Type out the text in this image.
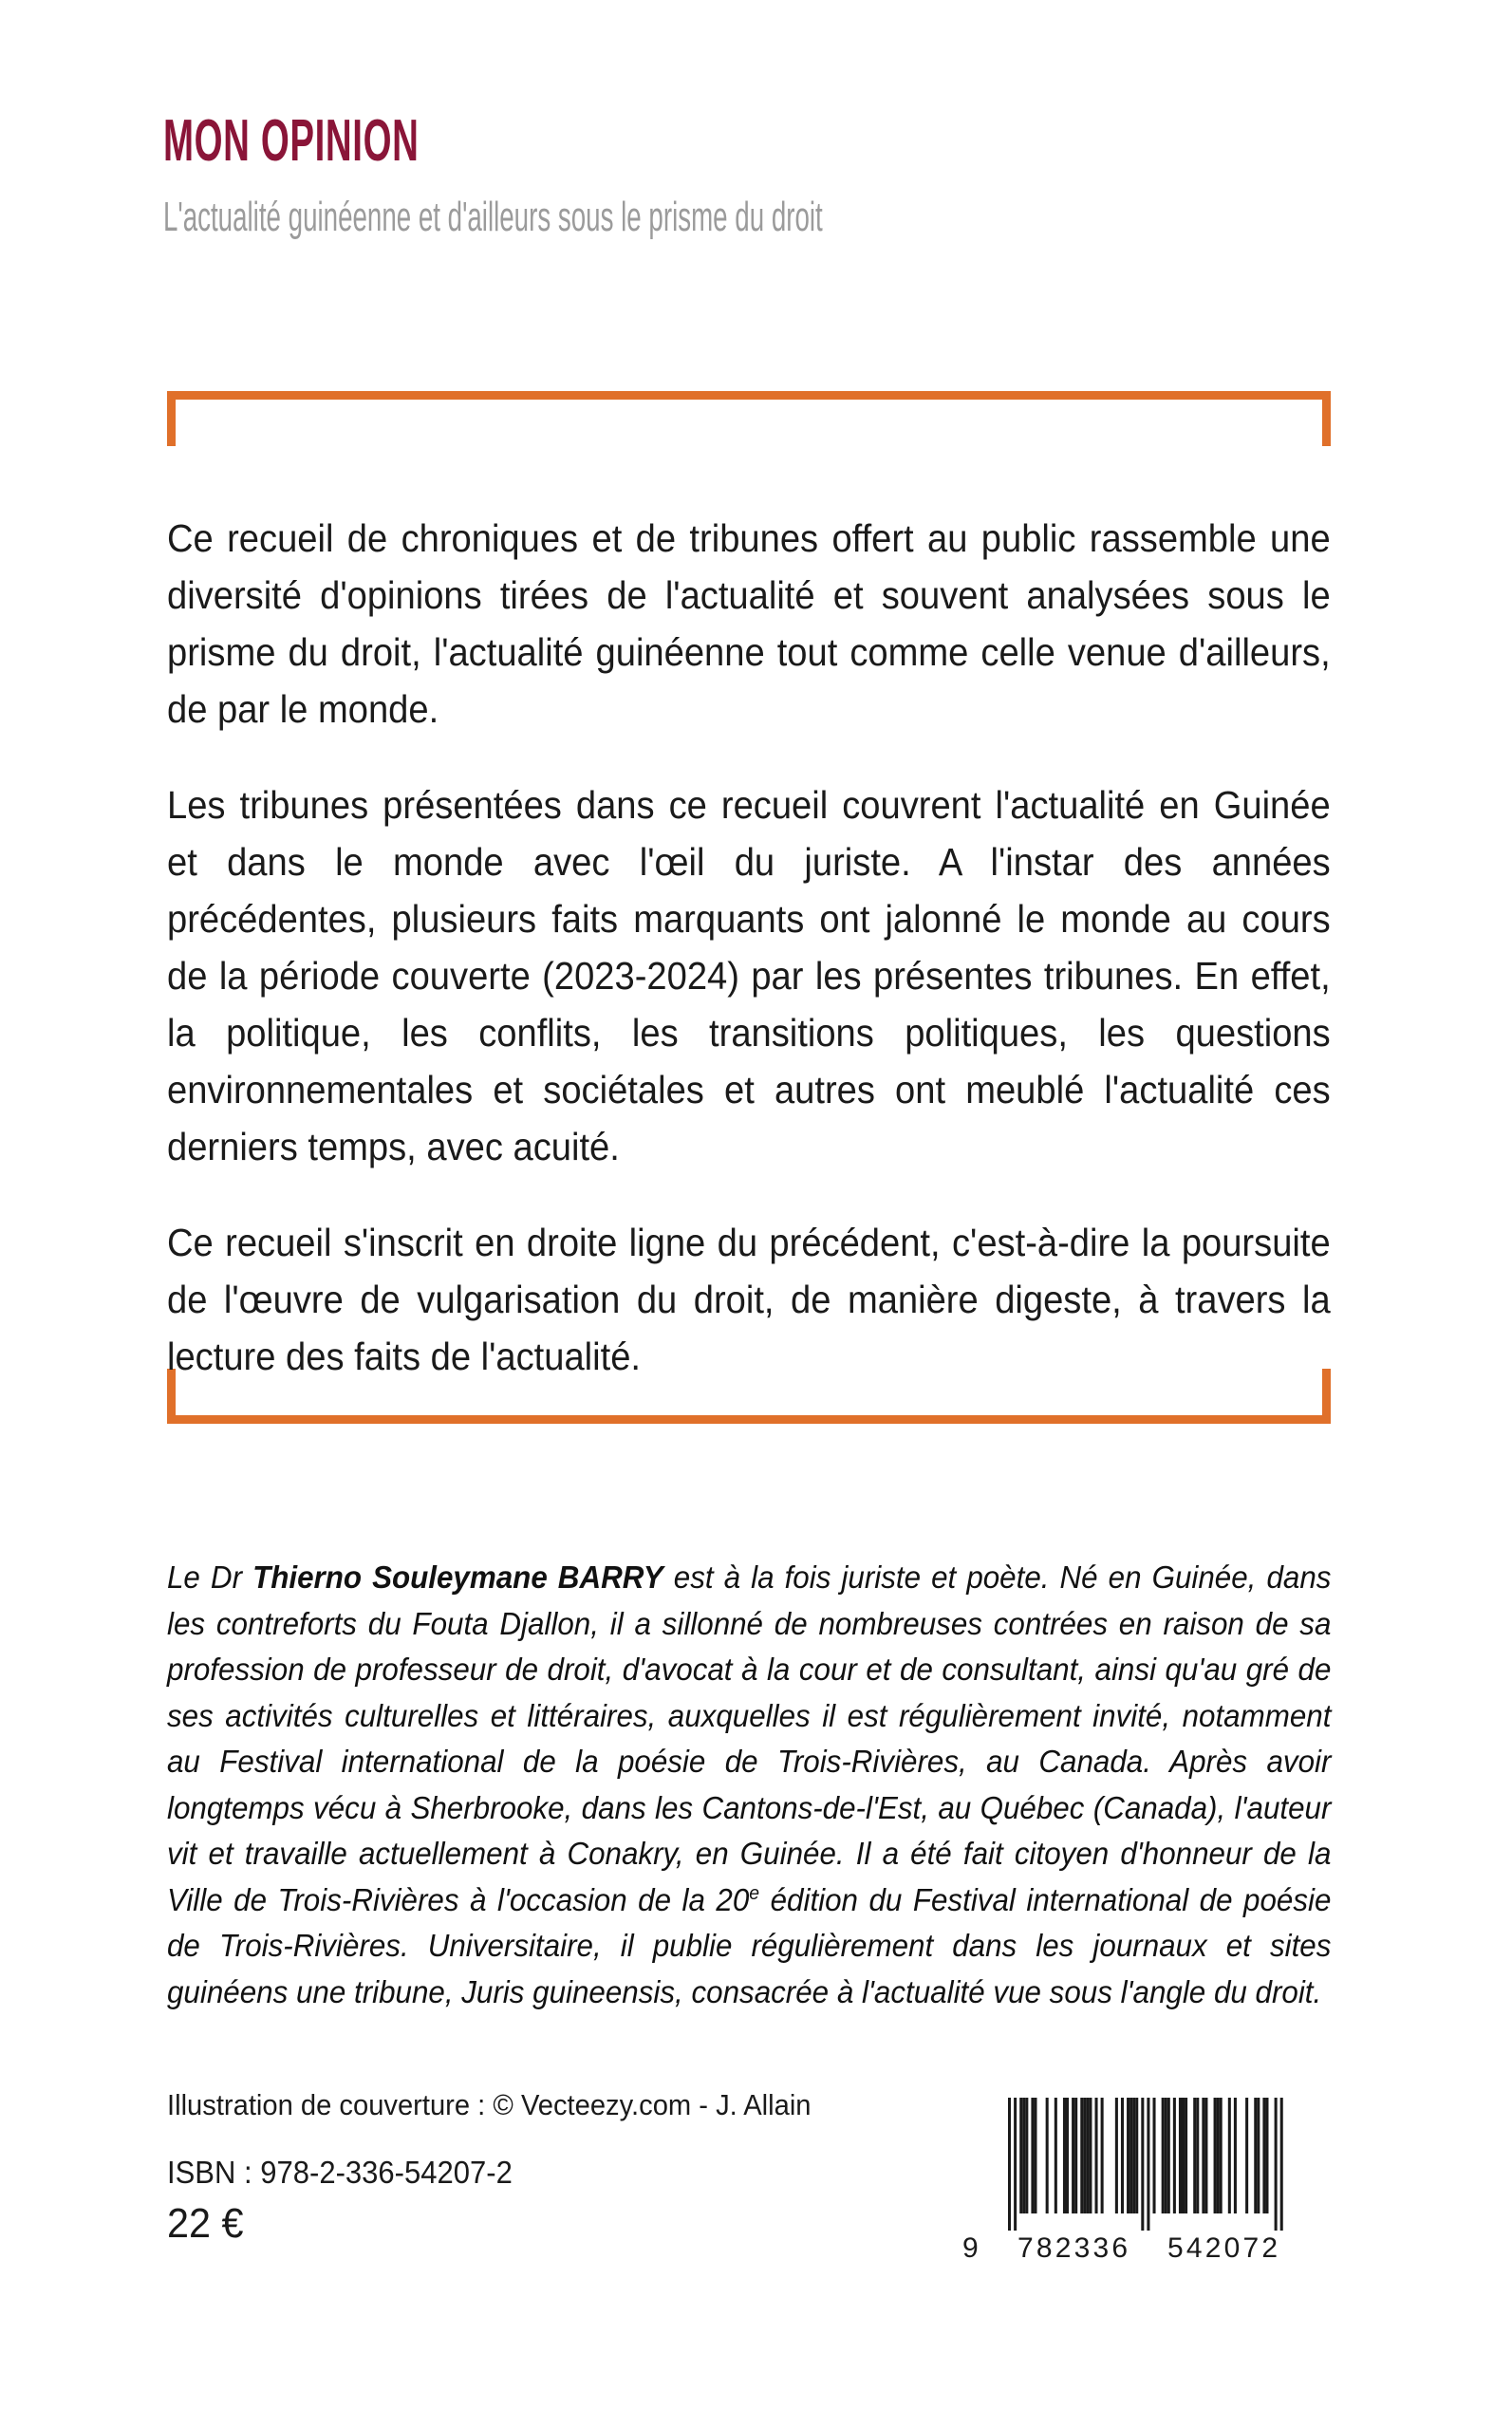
MON OPINION
L'actualité guinéenne et d'ailleurs sous le prisme du droit

Ce recueil de chroniques et de tribunes offert au public rassemble une diversité d'opinions tirées de l'actualité et souvent analysées sous le prisme du droit, l'actualité guinéenne tout comme celle venue d'ailleurs, de par le monde.

Les tribunes présentées dans ce recueil couvrent l'actualité en Guinée et dans le monde avec l'œil du juriste. A l'instar des années précédentes, plusieurs faits marquants ont jalonné le monde au cours de la période couverte (2023-2024) par les présentes tribunes. En effet, la politique, les conflits, les transitions politiques, les questions environnementales et sociétales et autres ont meublé l'actualité ces derniers temps, avec acuité.

Ce recueil s'inscrit en droite ligne du précédent, c'est-à-dire la poursuite de l'œuvre de vulgarisation du droit, de manière digeste, à travers la lecture des faits de l'actualité.

Le Dr Thierno Souleymane BARRY est à la fois juriste et poète. Né en Guinée, dans les contreforts du Fouta Djallon, il a sillonné de nombreuses contrées en raison de sa profession de professeur de droit, d'avocat à la cour et de consultant, ainsi qu'au gré de ses activités culturelles et littéraires, auxquelles il est régulièrement invité, notamment au Festival international de la poésie de Trois-Rivières, au Canada. Après avoir longtemps vécu à Sherbrooke, dans les Cantons-de-l'Est, au Québec (Canada), l'auteur vit et travaille actuellement à Conakry, en Guinée. Il a été fait citoyen d'honneur de la Ville de Trois-Rivières à l'occasion de la 20e édition du Festival international de poésie de Trois-Rivières. Universitaire, il publie régulièrement dans les journaux et sites guinéens une tribune, Juris guineensis, consacrée à l'actualité vue sous l'angle du droit.

Illustration de couverture : © Vecteezy.com - J. Allain
ISBN : 978-2-336-54207-2
22 €
9 782336 542072
